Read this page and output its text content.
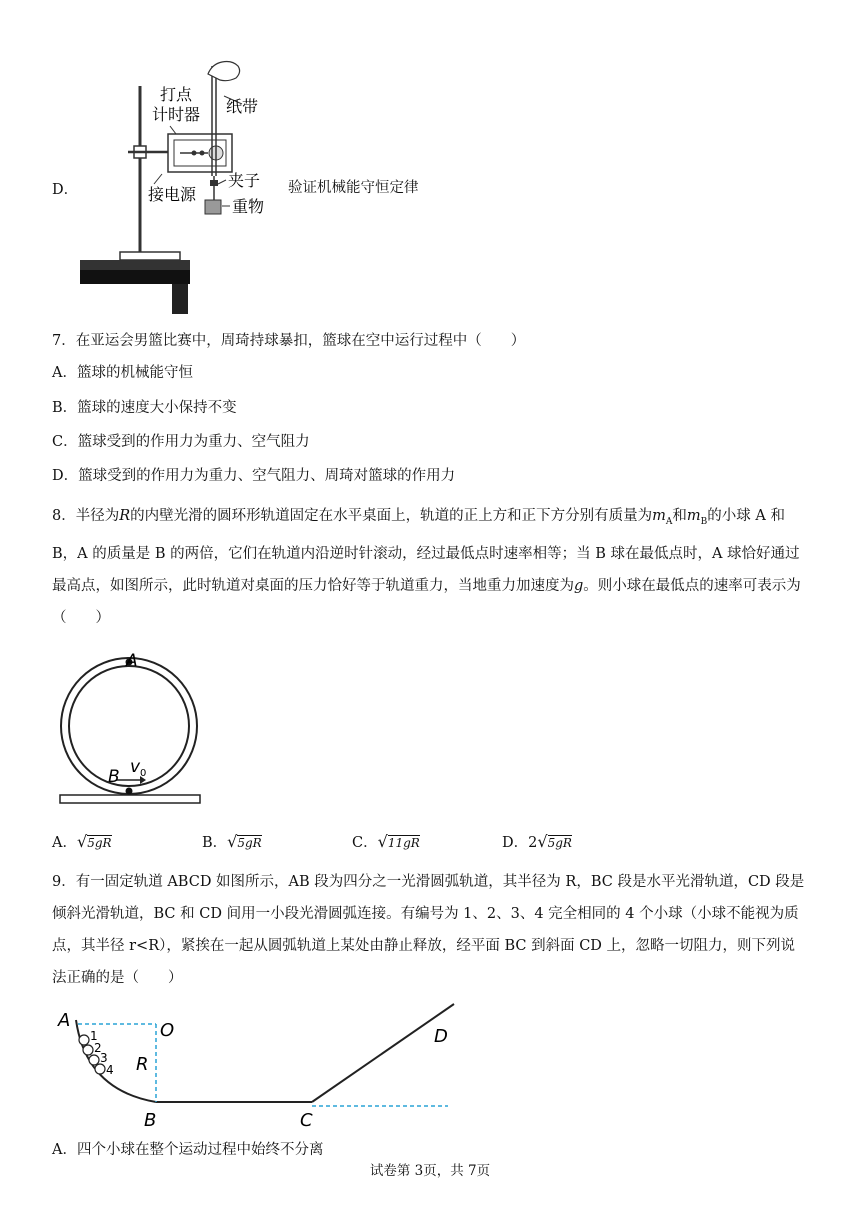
D．
打点
计时器 纸带
接电源
夹子
重物
验证机械能守恒定律
7．在亚运会男篮比赛中，周琦持球暴扣，篮球在空中运行过程中（　　）
A．篮球的机械能守恒
B．篮球的速度大小保持不变
C．篮球受到的作用力为重力、空气阻力
D．篮球受到的作用力为重力、空气阻力、周琦对篮球的作用力
8．半径为R的内壁光滑的圆环形轨道固定在水平桌面上，轨道的正上方和正下方分别有质量为$m_A$和$m_B$的小球 A 和 B，A 的质量是 B 的两倍，它们在轨道内沿逆时针滚动，经过最低点时速率相等；当 B 球在最低点时，A 球恰好通过最高点，如图所示，此时轨道对桌面的压力恰好等于轨道重力，当地重力加速度为g。则小球在最低点的速率可表示为（　　）
A
B v 0
A．√5gR	B．√5gR	C．√11gR	D．2√5gR
9．有一固定轨道 ABCD 如图所示，AB 段为四分之一光滑圆弧轨道，其半径为 R，BC 段是水平光滑轨道，CD 段是倾斜光滑轨道，BC 和 CD 间用一小段光滑圆弧连接。有编号为 1、2、3、4 完全相同的 4 个小球（小球不能视为质点，其半径 r<R），紧挨在一起从圆弧轨道上某处由静止释放，经平面 BC 到斜面 CD 上，忽略一切阻力，则下列说法正确的是（　　）
1
2
3
4
A	O
R
B	C
D
A．四个小球在整个运动过程中始终不分离
试卷第 3页，共 7页
